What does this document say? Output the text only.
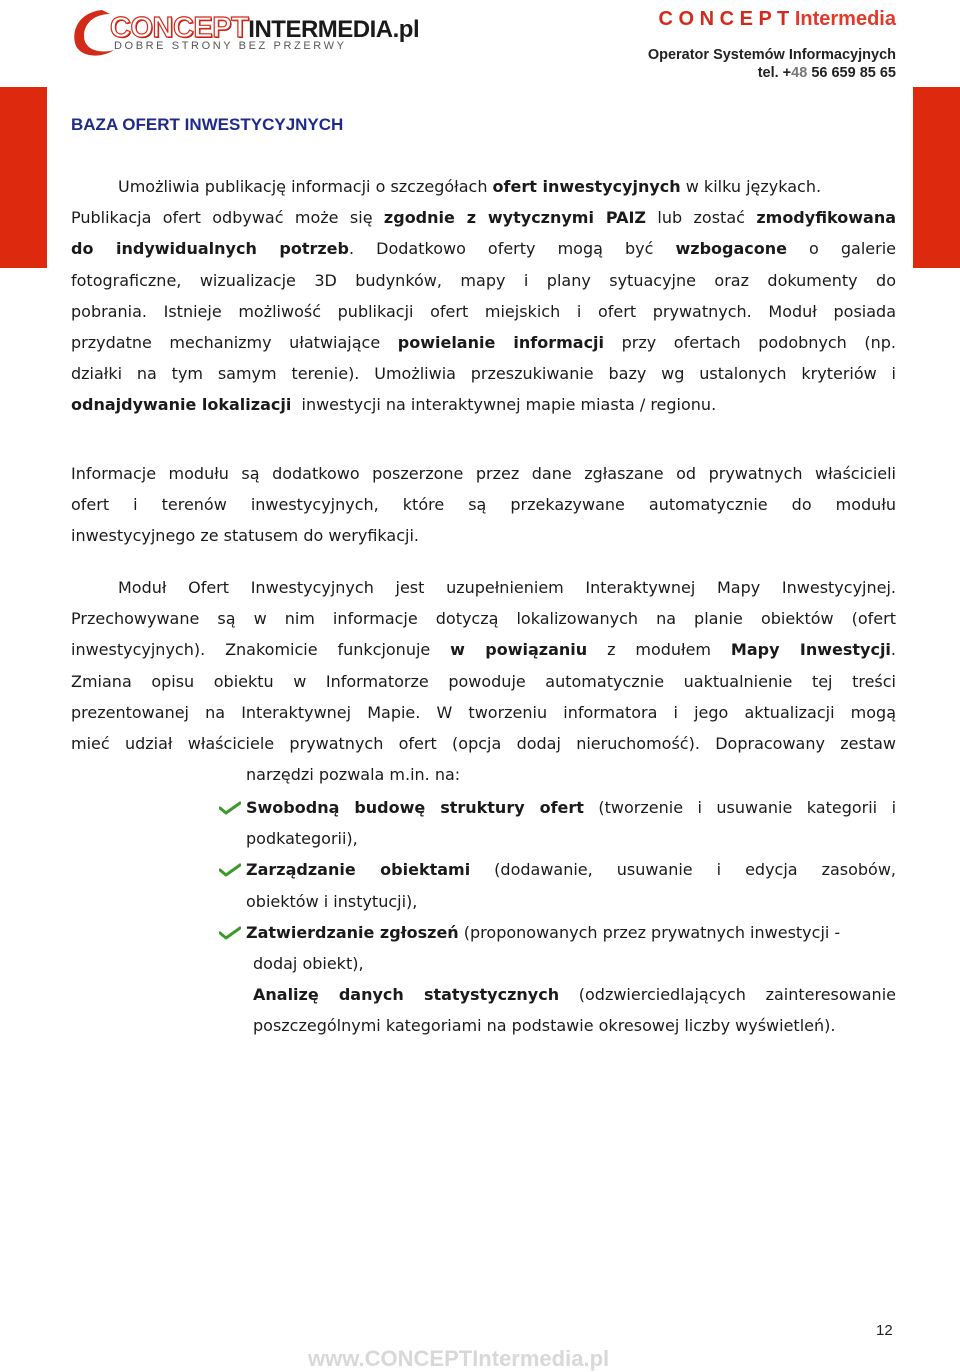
CONCEPTINTERMEDIA.pl
DOBRE STRONY BEZ PRZERWY
C O N C E P T Intermedia
Operator Systemów Informacyjnych
tel. +48 56 659 85 65
BAZA OFERT INWESTYCYJNYCH
Umożliwia publikację informacji o szczegółach ofert inwestycyjnych w kilku językach.
Publikacja ofert odbywać może się zgodnie z wytycznymi PAIZ lub zostać zmodyfikowana
do indywidualnych potrzeb. Dodatkowo oferty mogą być wzbogacone o galerie
fotograficzne, wizualizacje 3D budynków, mapy i plany sytuacyjne oraz dokumenty do
pobrania. Istnieje możliwość publikacji ofert miejskich i ofert prywatnych. Moduł posiada
przydatne mechanizmy ułatwiające powielanie informacji przy ofertach podobnych (np.
działki na tym samym terenie). Umożliwia przeszukiwanie bazy wg ustalonych kryteriów i
odnajdywanie lokalizacji  inwestycji na interaktywnej mapie miasta / regionu.
Informacje modułu są dodatkowo poszerzone przez dane zgłaszane od prywatnych właścicieli
ofert i terenów inwestycyjnych, które są przekazywane automatycznie do modułu
inwestycyjnego ze statusem do weryfikacji.
Moduł Ofert Inwestycyjnych jest uzupełnieniem Interaktywnej Mapy Inwestycyjnej.
Przechowywane są w nim informacje dotyczą lokalizowanych na planie obiektów (ofert
inwestycyjnych). Znakomicie funkcjonuje w powiązaniu z modułem Mapy Inwestycji.
Zmiana opisu obiektu w Informatorze powoduje automatycznie uaktualnienie tej treści
prezentowanej na Interaktywnej Mapie. W tworzeniu informatora i jego aktualizacji mogą
mieć udział właściciele prywatnych ofert (opcja dodaj nieruchomość). Dopracowany zestaw
narzędzi pozwala m.in. na:
Swobodną budowę struktury ofert (tworzenie i usuwanie kategorii i
podkategorii),
Zarządzanie obiektami (dodawanie, usuwanie i edycja zasobów,
obiektów i instytucji),
Zatwierdzanie zgłoszeń (proponowanych przez prywatnych inwestycji -
dodaj obiekt),
Analizę danych statystycznych (odzwierciedlających zainteresowanie
poszczególnymi kategoriami na podstawie okresowej liczby wyświetleń).
12
www.CONCEPTIntermedia.pl
